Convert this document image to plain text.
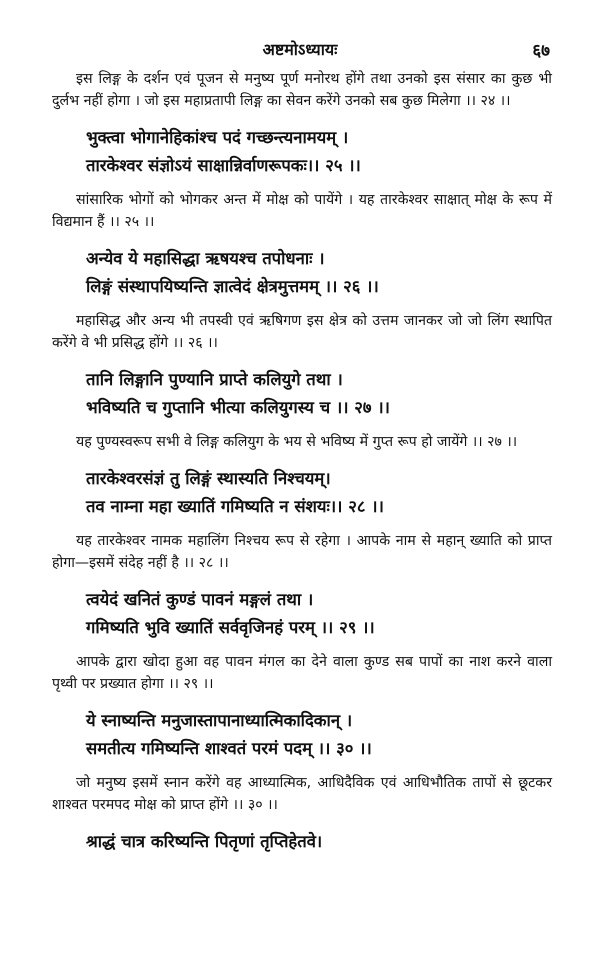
अष्टमोऽध्यायः	६७

इस लिङ्ग के दर्शन एवं पूजन से मनुष्य पूर्ण मनोरथ होंगे तथा उनको इस संसार का कुछ भी दुर्लभ नहीं होगा । जो इस महाप्रतापी लिङ्ग का सेवन करेंगे उनको सब कुछ मिलेगा ।। २४ ।।

भुक्त्वा भोगानेहिकांश्च पदं गच्छन्त्यनामयम् ।
तारकेश्वर संज्ञोऽयं साक्षान्निर्वाणरूपकः।। २५ ।।

सांसारिक भोगों को भोगकर अन्त में मोक्ष को पायेंगे । यह तारकेश्वर साक्षात् मोक्ष के रूप में विद्यमान हैं ।। २५ ।।

अन्येव ये महासिद्धा ऋषयश्च तपोधनाः ।
लिङ्गं संस्थापयिष्यन्ति ज्ञात्वेदं क्षेत्रमुत्तमम् ।। २६ ।।

महासिद्ध और अन्य भी तपस्वी एवं ऋषिगण इस क्षेत्र को उत्तम जानकर जो जो लिंग स्थापित करेंगे वे भी प्रसिद्ध होंगे ।। २६ ।।

तानि लिङ्गानि पुण्यानि प्राप्ते कलियुगे तथा ।
भविष्यति च गुप्तानि भीत्या कलियुगस्य च ।। २७ ।।

यह पुण्यस्वरूप सभी वे लिङ्ग कलियुग के भय से भविष्य में गुप्त रूप हो जायेंगे ।। २७ ।।

तारकेश्वरसंज्ञं तु लिङ्गं स्थास्यति निश्चयम्।
तव नाम्ना महा ख्यातिं गमिष्यति न संशयः।। २८ ।।

यह तारकेश्वर नामक महालिंग निश्चय रूप से रहेगा । आपके नाम से महान् ख्याति को प्राप्त होगा—इसमें संदेह नहीं है ।। २८ ।।

त्वयेदं खनितं कुण्डं पावनं मङ्गलं तथा ।
गमिष्यति भुवि ख्यातिं सर्ववृजिनहं परम् ।। २९ ।।

आपके द्वारा खोदा हुआ वह पावन मंगल का देने वाला कुण्ड सब पापों का नाश करने वाला पृथ्वी पर प्रख्यात होगा ।। २९ ।।

ये स्नाष्यन्ति मनुजास्तापानाध्यात्मिकादिकान् ।
समतीत्य गमिष्यन्ति शाश्वतं परमं पदम् ।। ३० ।।

जो मनुष्य इसमें स्नान करेंगे वह आध्यात्मिक, आधिदैविक एवं आधिभौतिक तापों से छूटकर शाश्वत परमपद मोक्ष को प्राप्त होंगे ।। ३० ।।

श्राद्धं चात्र करिष्यन्ति पितृणां तृप्तिहेतवे।
